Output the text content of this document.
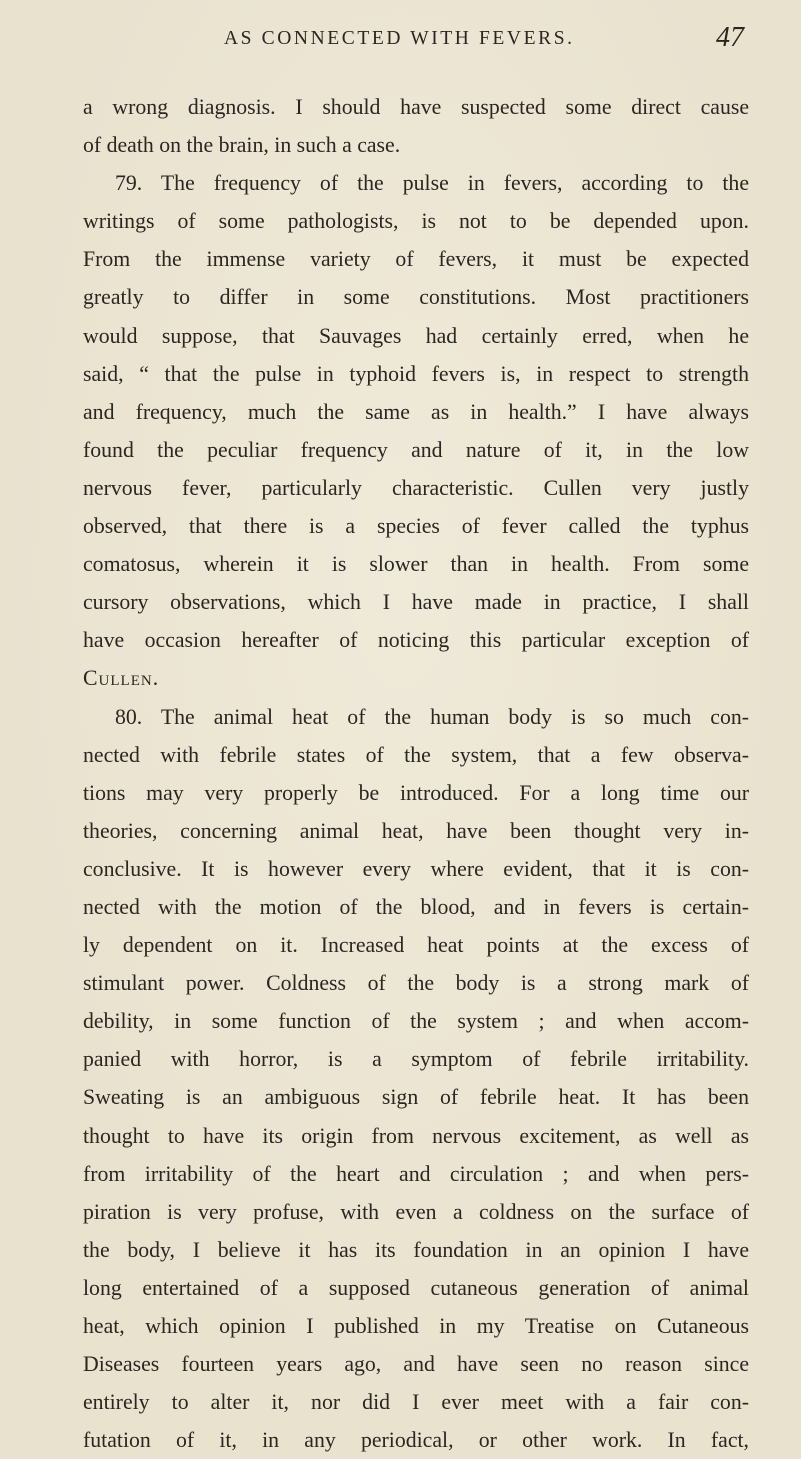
AS CONNECTED WITH FEVERS.	47
a wrong diagnosis. I should have suspected some direct cause
of death on the brain, in such a case.
79. The frequency of the pulse in fevers, according to the
writings of some pathologists, is not to be depended upon.
From the immense variety of fevers, it must be expected
greatly to differ in some constitutions. Most practitioners
would suppose, that Sauvages had certainly erred, when he
said, “ that the pulse in typhoid fevers is, in respect to strength
and frequency, much the same as in health.” I have always
found the peculiar frequency and nature of it, in the low
nervous fever, particularly characteristic. Cullen very justly
observed, that there is a species of fever called the typhus
comatosus, wherein it is slower than in health. From some
cursory observations, which I have made in practice, I shall
have occasion hereafter of noticing this particular exception of
Cullen.
80. The animal heat of the human body is so much con-
nected with febrile states of the system, that a few observa-
tions may very properly be introduced. For a long time our
theories, concerning animal heat, have been thought very in-
conclusive. It is however every where evident, that it is con-
nected with the motion of the blood, and in fevers is certain-
ly dependent on it. Increased heat points at the excess of
stimulant power. Coldness of the body is a strong mark of
debility, in some function of the system ; and when accom-
panied with horror, is a symptom of febrile irritability.
Sweating is an ambiguous sign of febrile heat. It has been
thought to have its origin from nervous excitement, as well as
from irritability of the heart and circulation ; and when pers-
piration is very profuse, with even a coldness on the surface of
the body, I believe it has its foundation in an opinion I have
long entertained of a supposed cutaneous generation of animal
heat, which opinion I published in my Treatise on Cutaneous
Diseases fourteen years ago, and have seen no reason since
entirely to alter it, nor did I ever meet with a fair con-
futation of it, in any periodical, or other work. In fact,
